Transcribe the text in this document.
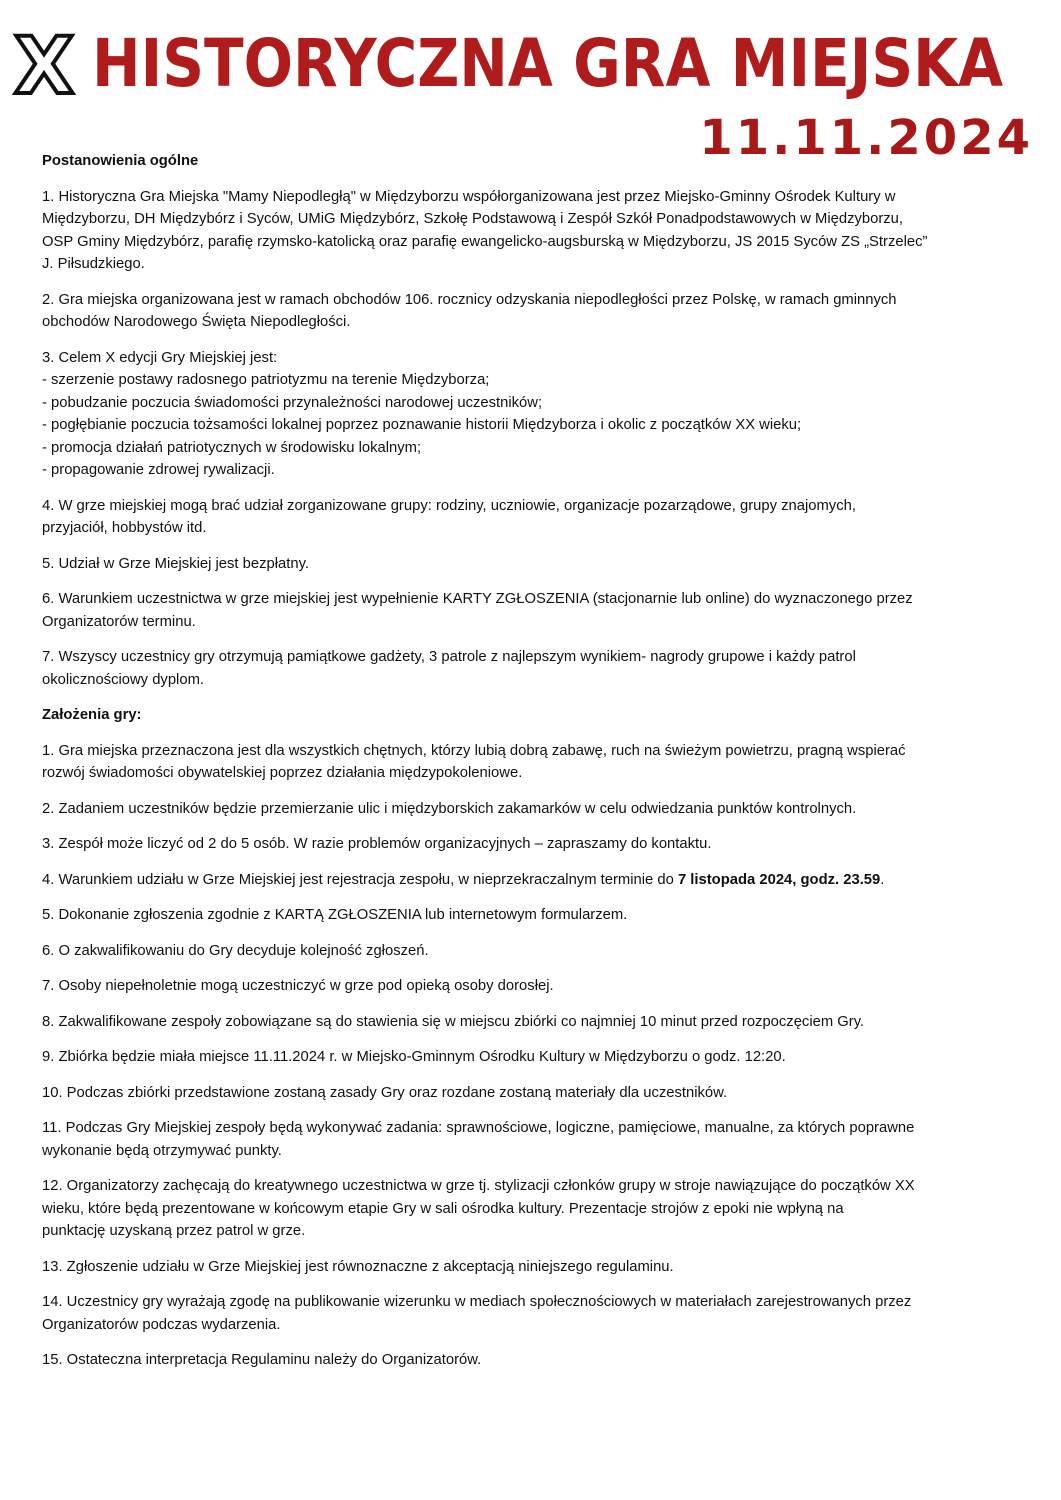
X HISTORYCZNA GRA MIEJSKA
11.11.2024
Postanowienia ogólne
1. Historyczna Gra Miejska "Mamy Niepodległą" w Międzyborzu współorganizowana jest przez Miejsko-Gminny Ośrodek Kultury w
Międzyborzu, DH Międzybórz i Syców, UMiG Międzybórz, Szkołę Podstawową i Zespół Szkół Ponadpodstawowych w Międzyborzu,
OSP Gminy Międzybórz, parafię rzymsko-katolicką oraz parafię ewangelicko-augsburską w Międzyborzu, JS 2015 Syców ZS „Strzelec”
J. Piłsudzkiego.
2. Gra miejska organizowana jest w ramach obchodów 106. rocznicy odzyskania niepodległości przez Polskę, w ramach gminnych
obchodów Narodowego Święta Niepodległości.
3. Celem X edycji Gry Miejskiej jest:
- szerzenie postawy radosnego patriotyzmu na terenie Międzyborza;
- pobudzanie poczucia świadomości przynależności narodowej uczestników;
- pogłębianie poczucia tożsamości lokalnej poprzez poznawanie historii Międzyborza i okolic z początków XX wieku;
- promocja działań patriotycznych w środowisku lokalnym;
- propagowanie zdrowej rywalizacji.
4. W grze miejskiej mogą brać udział zorganizowane grupy: rodziny, uczniowie, organizacje pozarządowe, grupy znajomych,
przyjaciół, hobbystów itd.
5. Udział w Grze Miejskiej jest bezpłatny.
6. Warunkiem uczestnictwa w grze miejskiej jest wypełnienie KARTY ZGŁOSZENIA (stacjonarnie lub online) do wyznaczonego przez
Organizatorów terminu.
7. Wszyscy uczestnicy gry otrzymują pamiątkowe gadżety, 3 patrole z najlepszym wynikiem- nagrody grupowe i każdy patrol
okolicznościowy dyplom.
Założenia gry:
1. Gra miejska przeznaczona jest dla wszystkich chętnych, którzy lubią dobrą zabawę, ruch na świeżym powietrzu, pragną wspierać
rozwój świadomości obywatelskiej poprzez działania międzypokoleniowe.
2. Zadaniem uczestników będzie przemierzanie ulic i międzyborskich zakamarków w celu odwiedzania punktów kontrolnych.
3. Zespół może liczyć od 2 do 5 osób. W razie problemów organizacyjnych – zapraszamy do kontaktu.
4. Warunkiem udziału w Grze Miejskiej jest rejestracja zespołu, w nieprzekraczalnym terminie do 7 listopada 2024, godz. 23.59.
5. Dokonanie zgłoszenia zgodnie z KARTĄ ZGŁOSZENIA lub internetowym formularzem.
6. O zakwalifikowaniu do Gry decyduje kolejność zgłoszeń.
7. Osoby niepełnoletnie mogą uczestniczyć w grze pod opieką osoby dorosłej.
8. Zakwalifikowane zespoły zobowiązane są do stawienia się w miejscu zbiórki co najmniej 10 minut przed rozpoczęciem Gry.
9. Zbiórka będzie miała miejsce 11.11.2024 r. w Miejsko-Gminnym Ośrodku Kultury w Międzyborzu o godz. 12:20.
10. Podczas zbiórki przedstawione zostaną zasady Gry oraz rozdane zostaną materiały dla uczestników.
11. Podczas Gry Miejskiej zespoły będą wykonywać zadania: sprawnościowe, logiczne, pamięciowe, manualne, za których poprawne
wykonanie będą otrzymywać punkty.
12. Organizatorzy zachęcają do kreatywnego uczestnictwa w grze tj. stylizacji członków grupy w stroje nawiązujące do początków XX
wieku, które będą prezentowane w końcowym etapie Gry w sali ośrodka kultury. Prezentacje strojów z epoki nie wpłyną na
punktację uzyskaną przez patrol w grze.
13. Zgłoszenie udziału w Grze Miejskiej jest równoznaczne z akceptacją niniejszego regulaminu.
14. Uczestnicy gry wyrażają zgodę na publikowanie wizerunku w mediach społecznościowych w materiałach zarejestrowanych przez
Organizatorów podczas wydarzenia.
15. Ostateczna interpretacja Regulaminu należy do Organizatorów.
